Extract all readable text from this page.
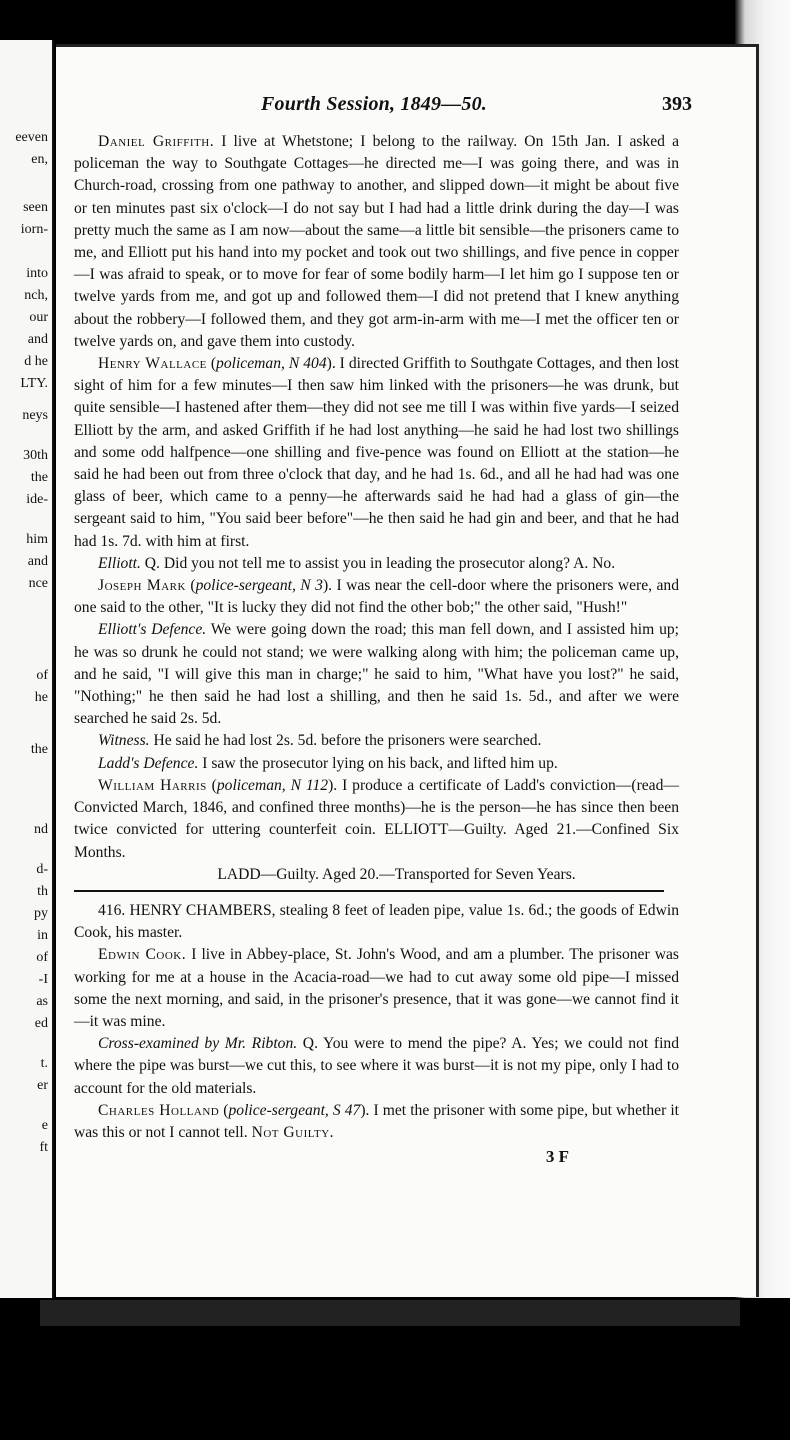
eeven
en,
seen
iorn-
into
nch,
our
and
d he
LTY.
neys
30th
the
ide-
him
and
nce
of
he
the
nd
d-
th
py
in
of
-I
as
ed
t.
er
e
ft
Fourth Session, 1849—50.	393

Daniel Griffith. I live at Whetstone; I belong to the railway. On 15th Jan. I asked a policeman the way to Southgate Cottages—he directed me—I was going there, and was in Church-road, crossing from one pathway to another, and slipped down—it might be about five or ten minutes past six o'clock—I do not say but I had had a little drink during the day—I was pretty much the same as I am now—about the same—a little bit sensible—the prisoners came to me, and Elliott put his hand into my pocket and took out two shillings, and five pence in copper—I was afraid to speak, or to move for fear of some bodily harm—I let him go I suppose ten or twelve yards from me, and got up and followed them—I did not pretend that I knew anything about the robbery—I followed them, and they got arm-in-arm with me—I met the officer ten or twelve yards on, and gave them into custody.

Henry Wallace (policeman, N 404). I directed Griffith to Southgate Cottages, and then lost sight of him for a few minutes—I then saw him linked with the prisoners—he was drunk, but quite sensible—I hastened after them—they did not see me till I was within five yards—I seized Elliott by the arm, and asked Griffith if he had lost anything—he said he had lost two shillings and some odd halfpence—one shilling and five-pence was found on Elliott at the station—he said he had been out from three o'clock that day, and he had 1s. 6d., and all he had had was one glass of beer, which came to a penny—he afterwards said he had had a glass of gin—the sergeant said to him, "You said beer before"—he then said he had gin and beer, and that he had had 1s. 7d. with him at first.

Elliott. Q. Did you not tell me to assist you in leading the prosecutor along? A. No.

Joseph Mark (police-sergeant, N 3). I was near the cell-door where the prisoners were, and one said to the other, "It is lucky they did not find the other bob;" the other said, "Hush!"

Elliott's Defence. We were going down the road; this man fell down, and I assisted him up; he was so drunk he could not stand; we were walking along with him; the policeman came up, and he said, "I will give this man in charge;" he said to him, "What have you lost?" he said, "Nothing;" he then said he had lost a shilling, and then he said 1s. 5d., and after we were searched he said 2s. 5d.

Witness. He said he had lost 2s. 5d. before the prisoners were searched.

Ladd's Defence. I saw the prosecutor lying on his back, and lifted him up.

William Harris (policeman, N 112). I produce a certificate of Ladd's conviction—(read—Convicted March, 1846, and confined three months)—he is the person—he has since then been twice convicted for uttering counterfeit coin. ELLIOTT—Guilty. Aged 21.—Confined Six Months.

LADD—Guilty. Aged 20.—Transported for Seven Years.

416. HENRY CHAMBERS, stealing 8 feet of leaden pipe, value 1s. 6d.; the goods of Edwin Cook, his master.

Edwin Cook. I live in Abbey-place, St. John's Wood, and am a plumber. The prisoner was working for me at a house in the Acacia-road—we had to cut away some old pipe—I missed some the next morning, and said, in the prisoner's presence, that it was gone—we cannot find it—it was mine.

Cross-examined by Mr. Ribton. Q. You were to mend the pipe? A. Yes; we could not find where the pipe was burst—we cut this, to see where it was burst—it is not my pipe, only I had to account for the old materials.

Charles Holland (police-sergeant, S 47). I met the prisoner with some pipe, but whether it was this or not I cannot tell. Not Guilty.

3 F
